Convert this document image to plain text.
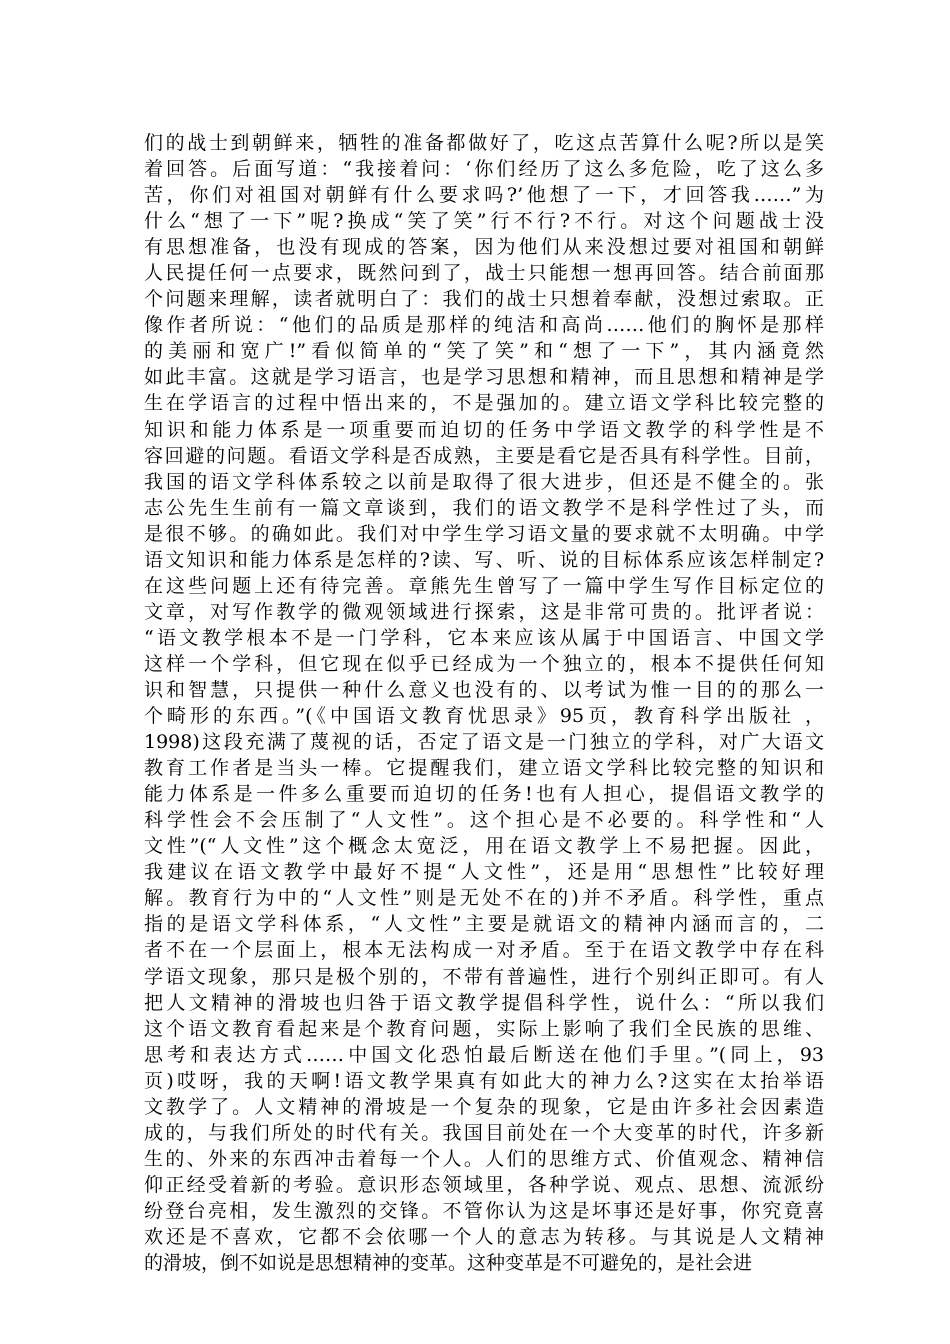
们的战士到朝鲜来，牺牲的准备都做好了，吃这点苦算什么呢?所以是笑
着回答。后面写道：“我接着问：‘你们经历了这么多危险，吃了这么多
苦，你们对祖国对朝鲜有什么要求吗?’他想了一下，才回答我……”为
什么“想了一下”呢?换成“笑了笑”行不行?不行。对这个问题战士没
有思想准备，也没有现成的答案，因为他们从来没想过要对祖国和朝鲜
人民提任何一点要求，既然问到了，战士只能想一想再回答。结合前面那
个问题来理解，读者就明白了：我们的战士只想着奉献，没想过索取。正
像作者所说：“他们的品质是那样的纯洁和高尚……他们的胸怀是那样
的美丽和宽广!”看似简单的“笑了笑”和“想了一下”，其内涵竟然
如此丰富。这就是学习语言，也是学习思想和精神，而且思想和精神是学
生在学语言的过程中悟出来的，不是强加的。建立语文学科比较完整的
知识和能力体系是一项重要而迫切的任务中学语文教学的科学性是不
容回避的问题。看语文学科是否成熟，主要是看它是否具有科学性。目前，
我国的语文学科体系较之以前是取得了很大进步，但还是不健全的。张
志公先生生前有一篇文章谈到，我们的语文教学不是科学性过了头，而
是很不够。的确如此。我们对中学生学习语文量的要求就不太明确。中学
语文知识和能力体系是怎样的?读、写、听、说的目标体系应该怎样制定?
在这些问题上还有待完善。章熊先生曾写了一篇中学生写作目标定位的
文章，对写作教学的微观领域进行探索，这是非常可贵的。批评者说：
“语文教学根本不是一门学科，它本来应该从属于中国语言、中国文学
这样一个学科，但它现在似乎已经成为一个独立的，根本不提供任何知
识和智慧，只提供一种什么意义也没有的、以考试为惟一目的的那么一
个畸形的东西。”(《中国语文教育忧思录》95页，教育科学出版社 ，
1998)这段充满了蔑视的话，否定了语文是一门独立的学科，对广大语文
教育工作者是当头一棒。它提醒我们，建立语文学科比较完整的知识和
能力体系是一件多么重要而迫切的任务!也有人担心，提倡语文教学的
科学性会不会压制了“人文性”。这个担心是不必要的。科学性和“人
文性”(“人文性”这个概念太宽泛，用在语文教学上不易把握。因此，
我建议在语文教学中最好不提“人文性”，还是用“思想性”比较好理
解。教育行为中的“人文性”则是无处不在的)并不矛盾。科学性，重点
指的是语文学科体系，“人文性”主要是就语文的精神内涵而言的，二
者不在一个层面上，根本无法构成一对矛盾。至于在语文教学中存在科
学语文现象，那只是极个别的，不带有普遍性，进行个别纠正即可。有人
把人文精神的滑坡也归咎于语文教学提倡科学性，说什么：“所以我们
这个语文教育看起来是个教育问题，实际上影响了我们全民族的思维、
思考和表达方式……中国文化恐怕最后断送在他们手里。”(同上，93
页)哎呀，我的天啊!语文教学果真有如此大的神力么?这实在太抬举语
文教学了。人文精神的滑坡是一个复杂的现象，它是由许多社会因素造
成的，与我们所处的时代有关。我国目前处在一个大变革的时代，许多新
生的、外来的东西冲击着每一个人。人们的思维方式、价值观念、精神信
仰正经受着新的考验。意识形态领域里，各种学说、观点、思想、流派纷
纷登台亮相，发生激烈的交锋。不管你认为这是坏事还是好事，你究竟喜
欢还是不喜欢，它都不会依哪一个人的意志为转移。与其说是人文精神
的滑坡，倒不如说是思想精神的变革。这种变革是不可避免的，是社会进
